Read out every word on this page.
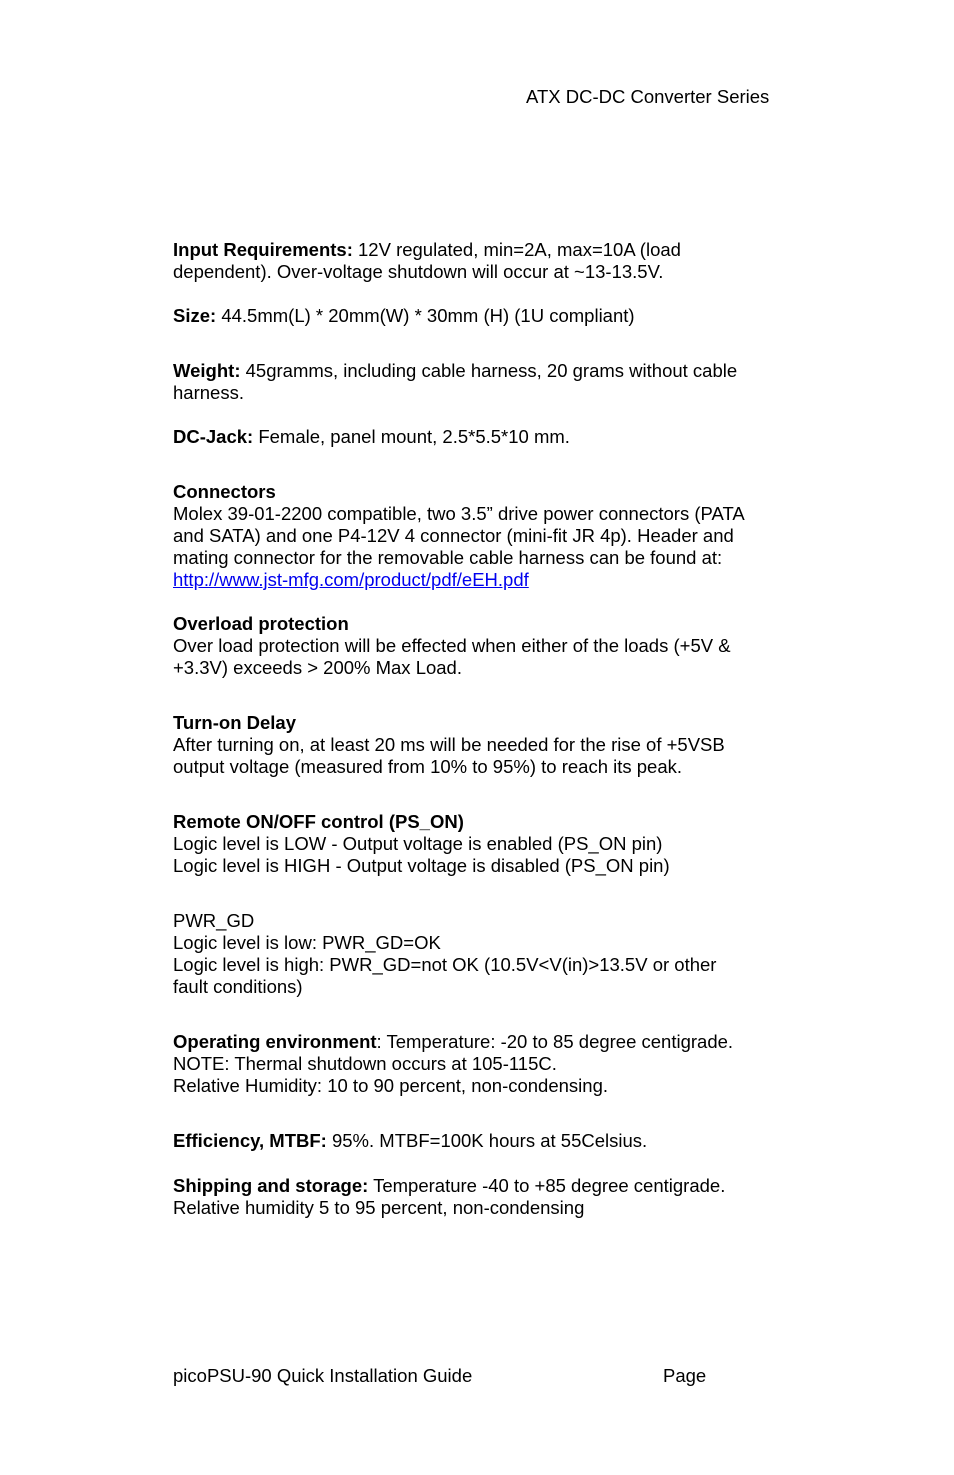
ATX DC-DC Converter Series
Input Requirements: 12V regulated, min=2A, max=10A (load
dependent). Over-voltage shutdown will occur at ~13-13.5V.
Size: 44.5mm(L) * 20mm(W) * 30mm (H) (1U compliant)
Weight: 45gramms, including cable harness, 20 grams without cable
harness.
DC-Jack: Female, panel mount, 2.5*5.5*10 mm.
Connectors
Molex 39-01-2200 compatible, two 3.5” drive power connectors (PATA
and SATA) and one P4-12V 4 connector (mini-fit JR 4p). Header and
mating connector for the removable cable harness can be found at:
http://www.jst-mfg.com/product/pdf/eEH.pdf
Overload protection
Over load protection will be effected when either of the loads (+5V &
+3.3V) exceeds > 200% Max Load.
Turn-on Delay
After turning on, at least 20 ms will be needed for the rise of +5VSB
output voltage (measured from 10% to 95%) to reach its peak.
Remote ON/OFF control (PS_ON)
Logic level is LOW - Output voltage is enabled (PS_ON pin)
Logic level is HIGH - Output voltage is disabled (PS_ON pin)
PWR_GD
Logic level is low: PWR_GD=OK
Logic level is high: PWR_GD=not OK (10.5V<V(in)>13.5V or other
fault conditions)
Operating environment: Temperature: -20 to 85 degree centigrade.
NOTE: Thermal shutdown occurs at 105-115C.
Relative Humidity: 10 to 90 percent, non-condensing.
Efficiency, MTBF: 95%. MTBF=100K hours at 55Celsius.
Shipping and storage: Temperature -40 to +85 degree centigrade.
Relative humidity 5 to 95 percent, non-condensing
picoPSU-90 Quick Installation Guide	Page
